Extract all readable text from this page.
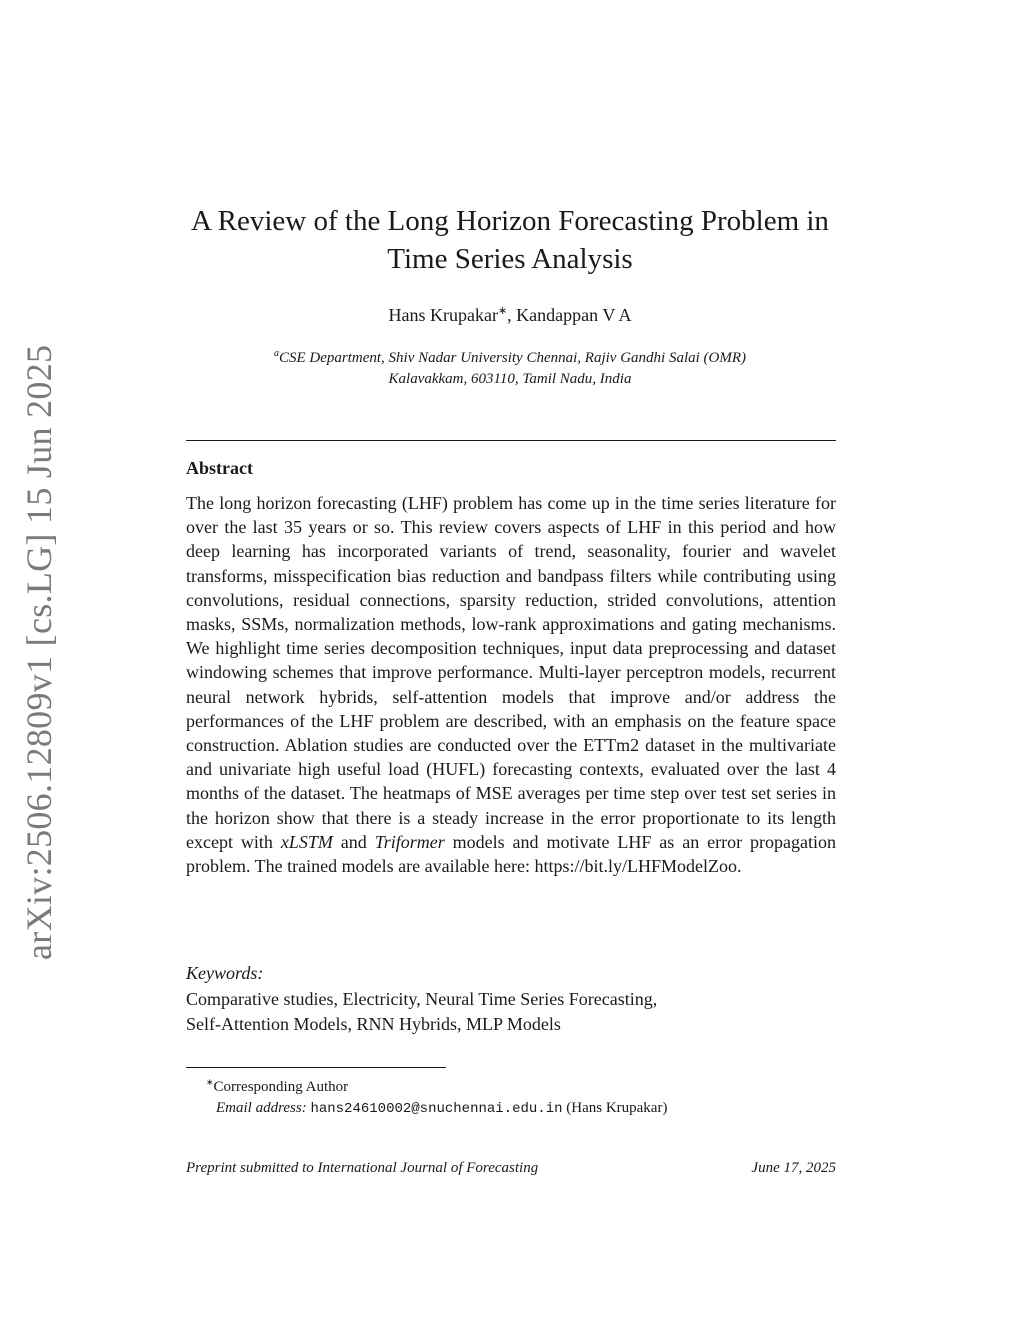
arXiv:2506.12809v1 [cs.LG] 15 Jun 2025
A Review of the Long Horizon Forecasting Problem in
Time Series Analysis
Hans Krupakar∗, Kandappan V A
$^a$CSE Department, Shiv Nadar University Chennai, Rajiv Gandhi Salai (OMR)
Kalavakkam, 603110, Tamil Nadu, India
Abstract

The long horizon forecasting (LHF) problem has come up in the time series literature for over the last 35 years or so. This review covers aspects of LHF in this period and how deep learning has incorporated variants of trend, seasonality, fourier and wavelet transforms, misspecification bias reduction and bandpass filters while contributing using convolutions, residual connections, sparsity reduction, strided convolutions, attention masks, SSMs, normalization methods, low-rank approximations and gating mechanisms. We highlight time series decomposition techniques, input data preprocessing and dataset windowing schemes that improve performance. Multi-layer perceptron models, recurrent neural network hybrids, self-attention models that improve and/or address the performances of the LHF problem are described, with an emphasis on the feature space construction. Ablation studies are conducted over the ETTm2 dataset in the multivariate and univariate high useful load (HUFL) forecasting contexts, evaluated over the last 4 months of the dataset. The heatmaps of MSE averages per time step over test set series in the horizon show that there is a steady increase in the error proportionate to its length except with xLSTM and Triformer models and motivate LHF as an error propagation problem. The trained models are available here: https://bit.ly/LHFModelZoo.

Keywords:
Comparative studies, Electricity, Neural Time Series Forecasting,
Self-Attention Models, RNN Hybrids, MLP Models
∗Corresponding Author
Email address: hans24610002@snuchennai.edu.in (Hans Krupakar)
Preprint submitted to International Journal of Forecasting	June 17, 2025
